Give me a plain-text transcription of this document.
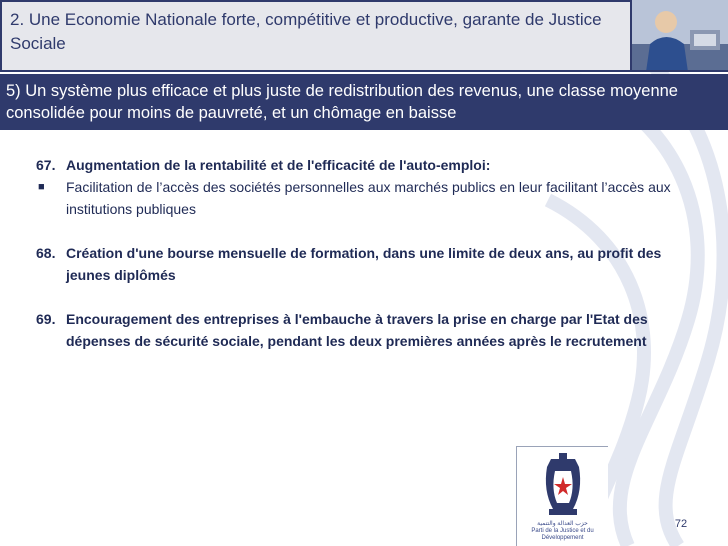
2. Une Economie Nationale forte, compétitive et productive, garante de Justice Sociale
5) Un système plus efficace et plus juste de redistribution des revenus, une classe moyenne consolidée pour moins de pauvreté, et un chômage en baisse
67. Augmentation de la rentabilité et de l'efficacité de l'auto-emploi:
■	Facilitation de l’accès des sociétés personnelles aux marchés publics en leur facilitant l’accès aux institutions publiques
68. Création d'une bourse mensuelle de formation, dans une limite de deux ans, au profit des jeunes diplômés
69. Encouragement des entreprises à l'embauche à travers la prise en charge par l'Etat des dépenses de sécurité sociale, pendant les deux premières années après le recrutement
حزب العدالة والتنمية
Parti de la Justice et du Développement
72
